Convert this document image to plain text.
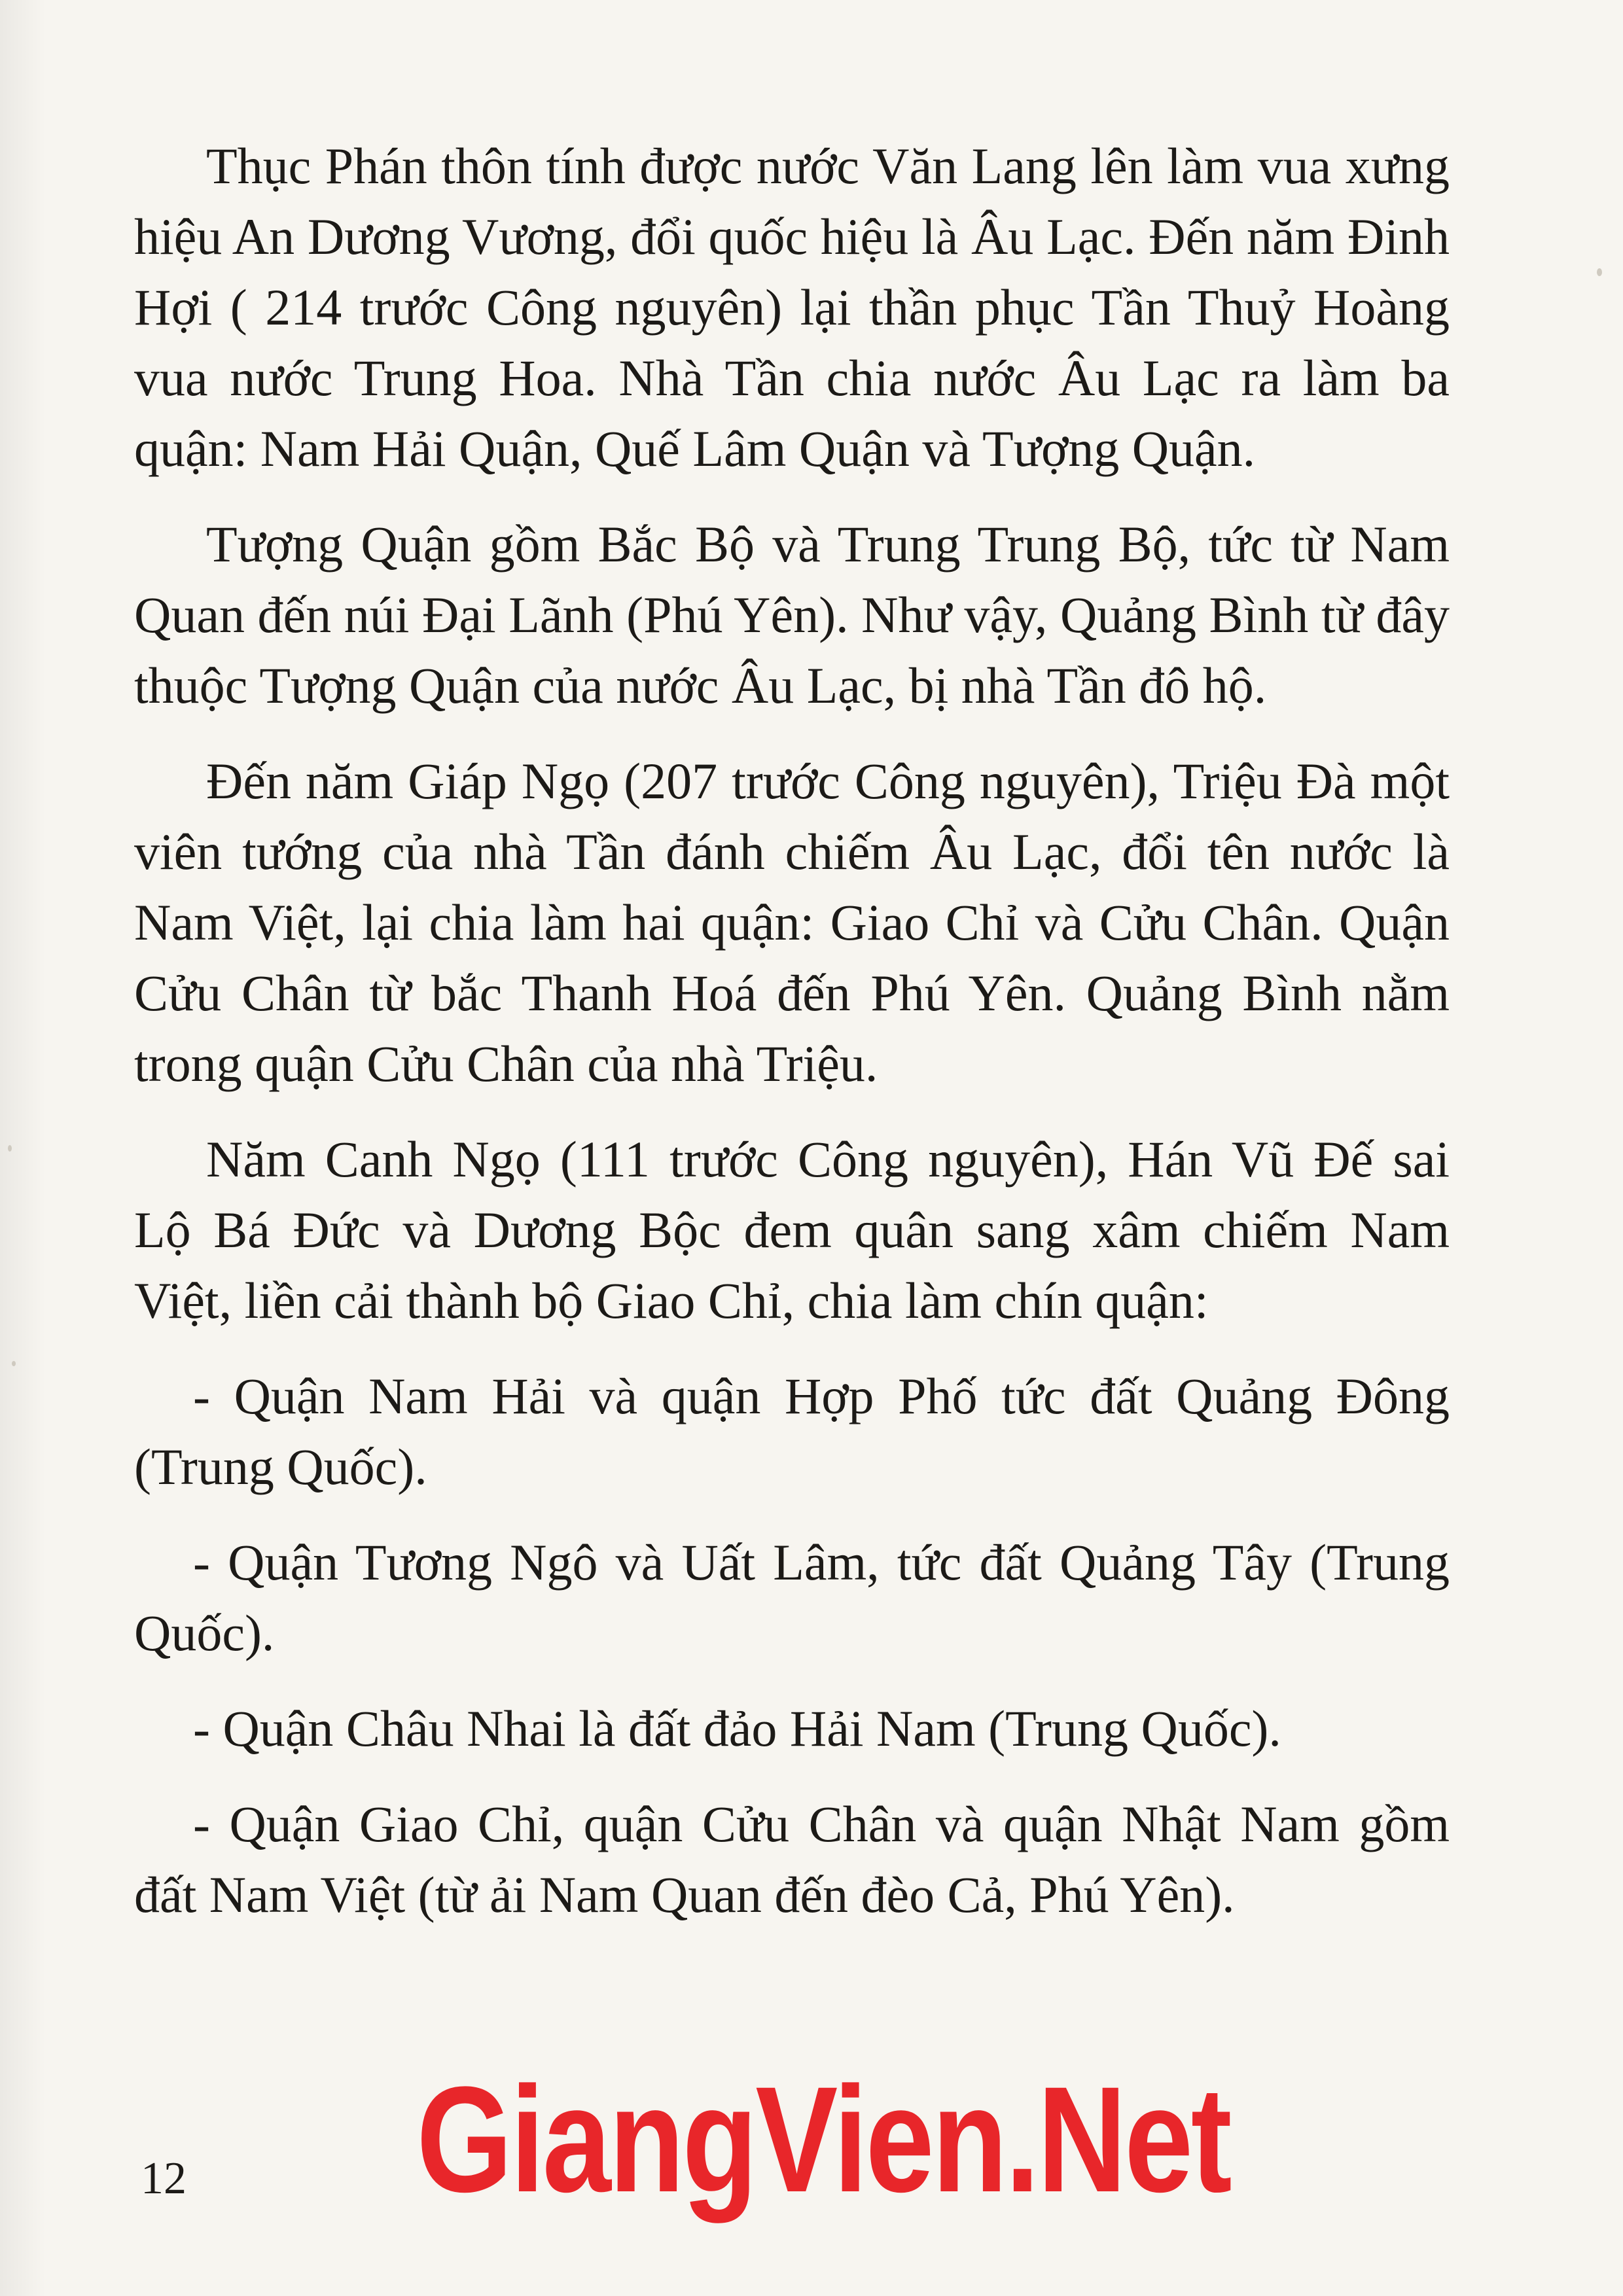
Thục Phán thôn tính được nước Văn Lang lên làm vua xưng hiệu An Dương Vương, đổi quốc hiệu là Âu Lạc. Đến năm Đinh Hợi ( 214 trước Công nguyên) lại thần phục Tần Thuỷ Hoàng vua nước Trung Hoa. Nhà Tần chia nước Âu Lạc ra làm ba quận: Nam Hải Quận, Quế Lâm Quận và Tượng Quận.

Tượng Quận gồm Bắc Bộ và Trung Trung Bộ, tức từ Nam Quan đến núi Đại Lãnh (Phú Yên). Như vậy, Quảng Bình từ đây thuộc Tượng Quận của nước Âu Lạc, bị nhà Tần đô hộ.

Đến năm Giáp Ngọ (207 trước Công nguyên), Triệu Đà một viên tướng của nhà Tần đánh chiếm Âu Lạc, đổi tên nước là Nam Việt, lại chia làm hai quận: Giao Chỉ và Cửu Chân. Quận Cửu Chân từ bắc Thanh Hoá đến Phú Yên. Quảng Bình nằm trong quận Cửu Chân của nhà Triệu.

Năm Canh Ngọ (111 trước Công nguyên), Hán Vũ Đế sai Lộ Bá Đức và Dương Bộc đem quân sang xâm chiếm Nam Việt, liền cải thành bộ Giao Chỉ, chia làm chín quận:

- Quận Nam Hải và quận Hợp Phố tức đất Quảng Đông (Trung Quốc).

- Quận Tương Ngô và Uất Lâm, tức đất Quảng Tây (Trung Quốc).

- Quận Châu Nhai là đất đảo Hải Nam (Trung Quốc).

- Quận Giao Chỉ, quận Cửu Chân và quận Nhật Nam gồm đất Nam Việt (từ ải Nam Quan đến đèo Cả, Phú Yên).

GiangVien.Net
12
